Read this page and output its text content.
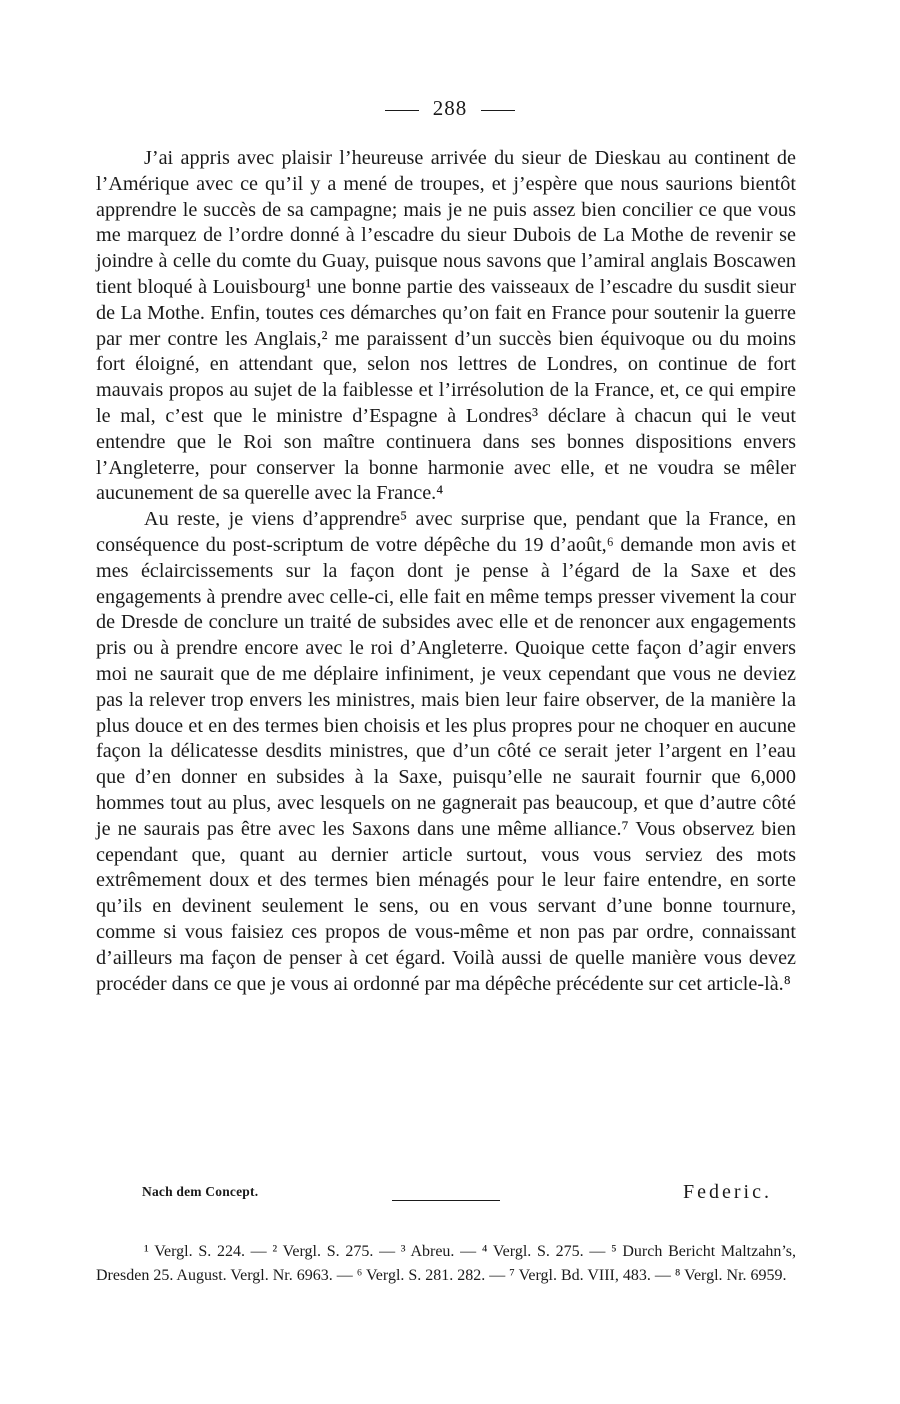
288

J’ai appris avec plaisir l’heureuse arrivée du sieur de Dieskau au continent de l’Amérique avec ce qu’il y a mené de troupes, et j’espère que nous saurions bientôt apprendre le succès de sa campagne; mais je ne puis assez bien concilier ce que vous me marquez de l’ordre donné à l’escadre du sieur Dubois de La Mothe de revenir se joindre à celle du comte du Guay, puisque nous savons que l’amiral anglais Boscawen tient bloqué à Louisbourg¹ une bonne partie des vaisseaux de l’escadre du susdit sieur de La Mothe. Enfin, toutes ces démarches qu’on fait en France pour soutenir la guerre par mer contre les Anglais,² me paraissent d’un succès bien équivoque ou du moins fort éloigné, en attendant que, selon nos lettres de Londres, on continue de fort mauvais propos au sujet de la faiblesse et l’irrésolution de la France, et, ce qui empire le mal, c’est que le ministre d’Espagne à Londres³ déclare à chacun qui le veut entendre que le Roi son maître continuera dans ses bonnes dispositions envers l’Angleterre, pour conserver la bonne harmonie avec elle, et ne voudra se mêler aucunement de sa querelle avec la France.⁴

Au reste, je viens d’apprendre⁵ avec surprise que, pendant que la France, en conséquence du post-scriptum de votre dépêche du 19 d’août,⁶ demande mon avis et mes éclaircissements sur la façon dont je pense à l’égard de la Saxe et des engagements à prendre avec celle-ci, elle fait en même temps presser vivement la cour de Dresde de conclure un traité de subsides avec elle et de renoncer aux engagements pris ou à prendre encore avec le roi d’Angleterre. Quoique cette façon d’agir envers moi ne saurait que de me déplaire infiniment, je veux cependant que vous ne deviez pas la relever trop envers les ministres, mais bien leur faire observer, de la manière la plus douce et en des termes bien choisis et les plus propres pour ne choquer en aucune façon la délicatesse desdits ministres, que d’un côté ce serait jeter l’argent en l’eau que d’en donner en subsides à la Saxe, puisqu’elle ne saurait fournir que 6,000 hommes tout au plus, avec lesquels on ne gagnerait pas beaucoup, et que d’autre côté je ne saurais pas être avec les Saxons dans une même alliance.⁷ Vous observez bien cependant que, quant au dernier article surtout, vous vous serviez des mots extrêmement doux et des termes bien ménagés pour le leur faire entendre, en sorte qu’ils en devinent seulement le sens, ou en vous servant d’une bonne tournure, comme si vous faisiez ces propos de vous-même et non pas par ordre, connaissant d’ailleurs ma façon de penser à cet égard. Voilà aussi de quelle manière vous devez procéder dans ce que je vous ai ordonné par ma dépêche précédente sur cet article-là.⁸

Nach dem Concept.	Federic.

¹ Vergl. S. 224. — ² Vergl. S. 275. — ³ Abreu. — ⁴ Vergl. S. 275. — ⁵ Durch Bericht Maltzahn’s, Dresden 25. August. Vergl. Nr. 6963. — ⁶ Vergl. S. 281. 282. — ⁷ Vergl. Bd. VIII, 483. — ⁸ Vergl. Nr. 6959.
